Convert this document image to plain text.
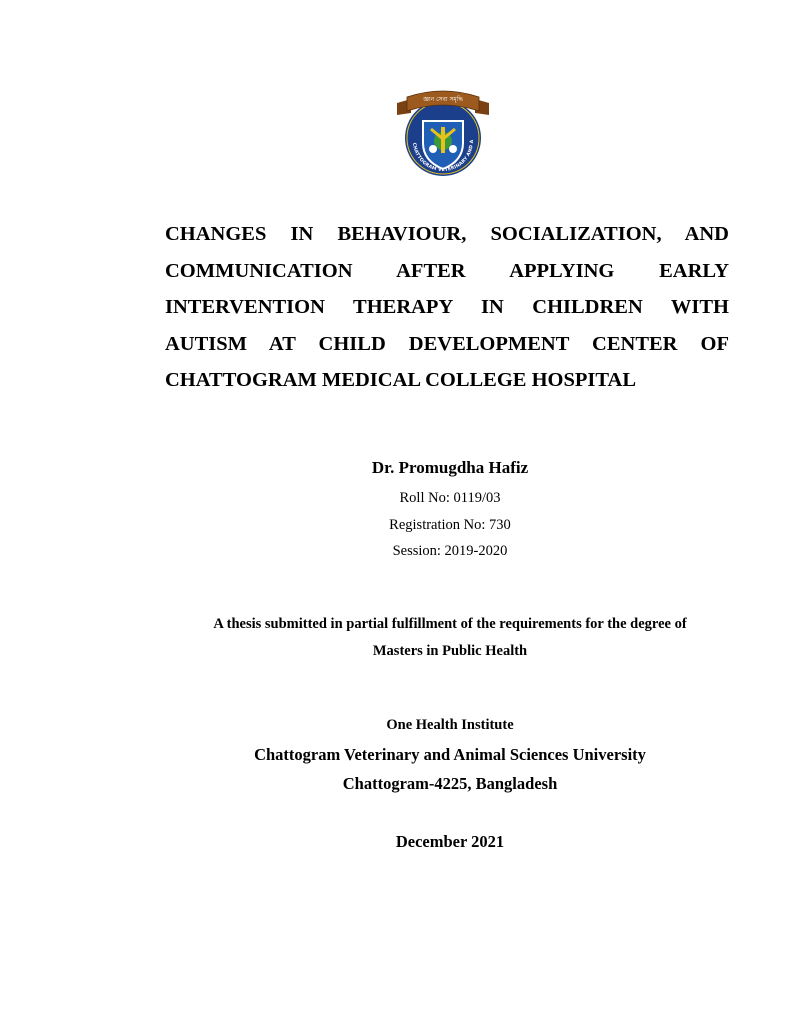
CHATTOGRAM VETERINARY AND A
জ্ঞান সেবা সমৃদ্ধি
CHANGES IN BEHAVIOUR, SOCIALIZATION, AND
COMMUNICATION AFTER APPLYING EARLY
INTERVENTION THERAPY IN CHILDREN WITH
AUTISM AT CHILD DEVELOPMENT CENTER OF
CHATTOGRAM MEDICAL COLLEGE HOSPITAL
Dr. Promugdha Hafiz
Roll No: 0119/03
Registration No: 730
Session: 2019-2020
A thesis submitted in partial fulfillment of the requirements for the degree of
Masters in Public Health
One Health Institute
Chattogram Veterinary and Animal Sciences University
Chattogram-4225, Bangladesh
December 2021
